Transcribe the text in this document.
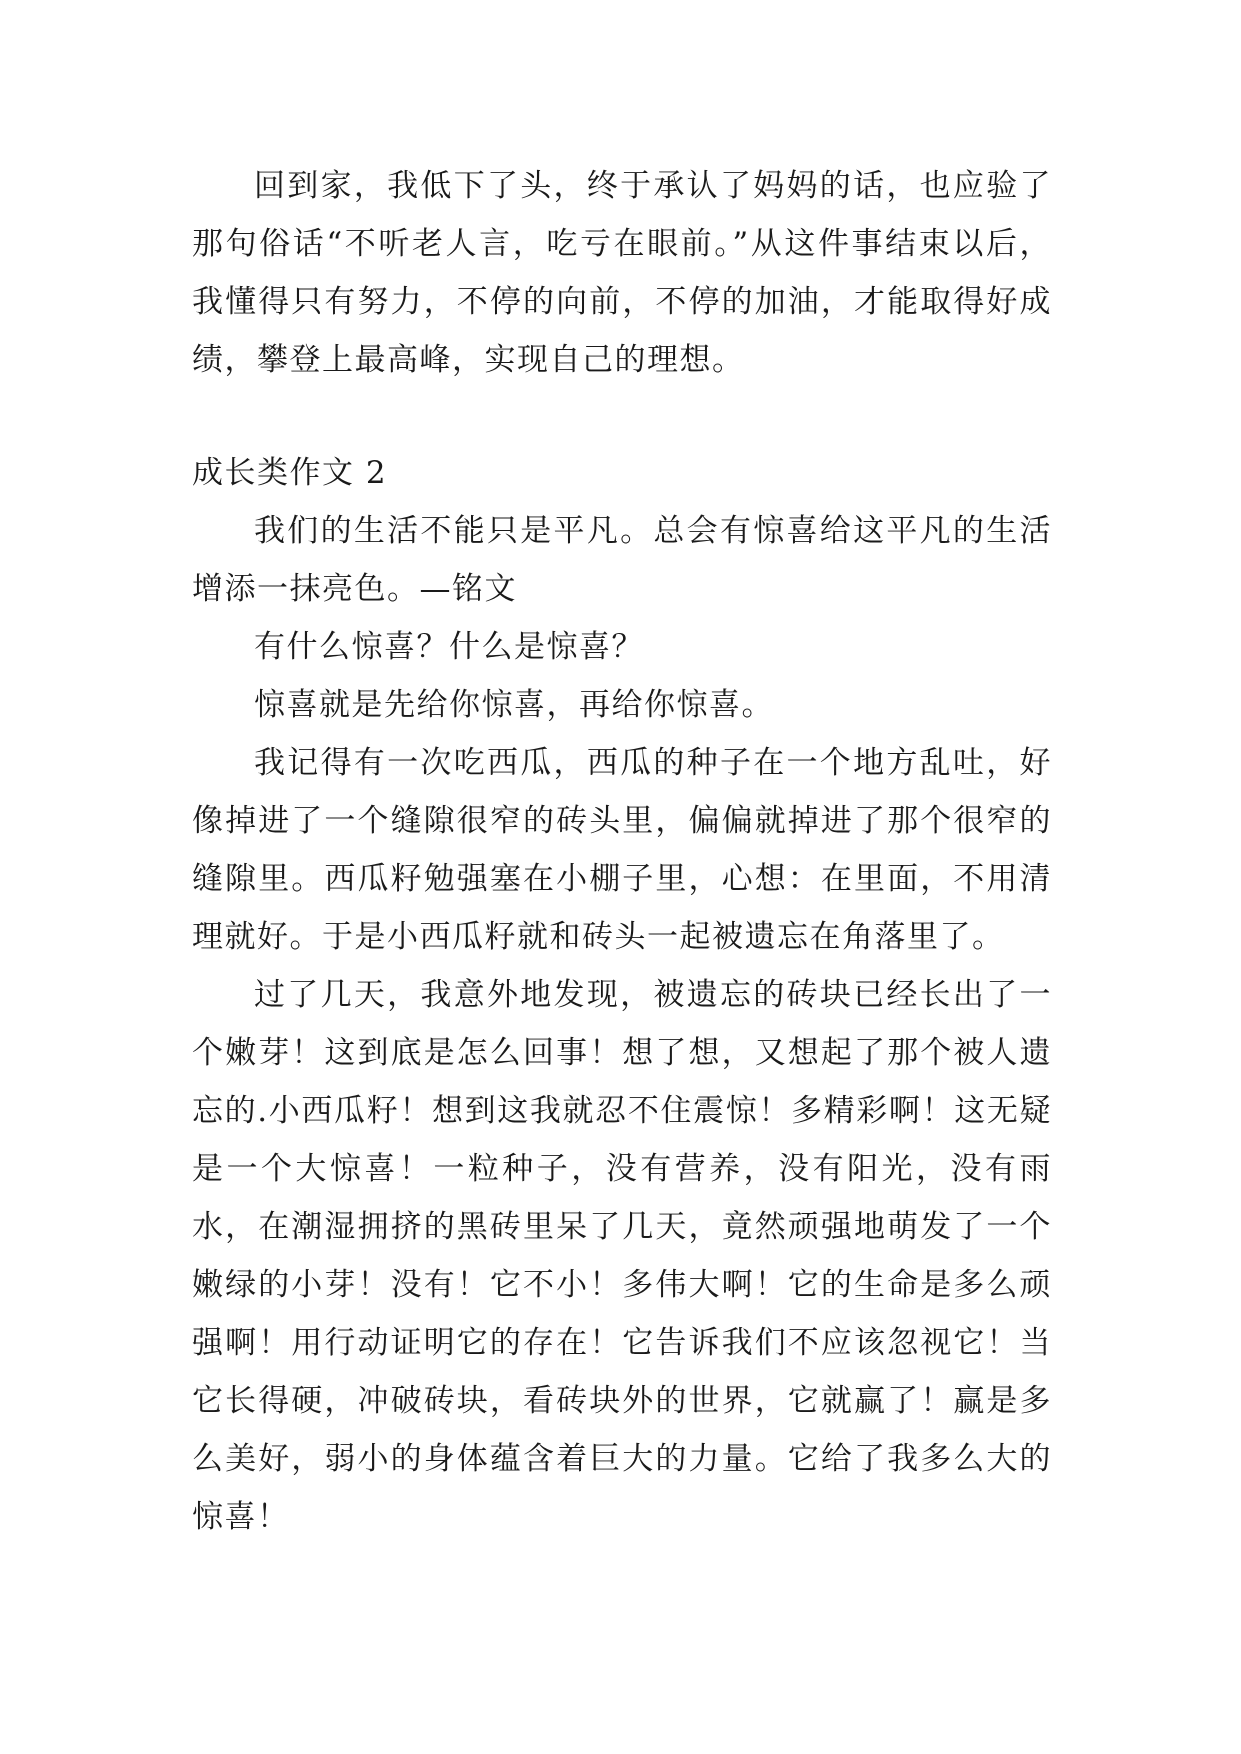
回到家，我低下了头，终于承认了妈妈的话，也应验了那句俗话“不听老人言，吃亏在眼前。”从这件事结束以后，我懂得只有努力，不停的向前，不停的加油，才能取得好成绩，攀登上最高峰，实现自己的理想。

成长类作文 2

我们的生活不能只是平凡。总会有惊喜给这平凡的生活增添一抹亮色。—铭文

有什么惊喜？什么是惊喜？

惊喜就是先给你惊喜，再给你惊喜。

我记得有一次吃西瓜，西瓜的种子在一个地方乱吐，好像掉进了一个缝隙很窄的砖头里，偏偏就掉进了那个很窄的缝隙里。西瓜籽勉强塞在小棚子里，心想：在里面，不用清理就好。于是小西瓜籽就和砖头一起被遗忘在角落里了。

过了几天，我意外地发现，被遗忘的砖块已经长出了一个嫩芽！这到底是怎么回事！想了想，又想起了那个被人遗忘的.小西瓜籽！想到这我就忍不住震惊！多精彩啊！这无疑是一个大惊喜！一粒种子，没有营养，没有阳光，没有雨水，在潮湿拥挤的黑砖里呆了几天，竟然顽强地萌发了一个嫩绿的小芽！没有！它不小！多伟大啊！它的生命是多么顽强啊！用行动证明它的存在！它告诉我们不应该忽视它！当它长得硬，冲破砖块，看砖块外的世界，它就赢了！赢是多么美好，弱小的身体蕴含着巨大的力量。它给了我多么大的惊喜！
